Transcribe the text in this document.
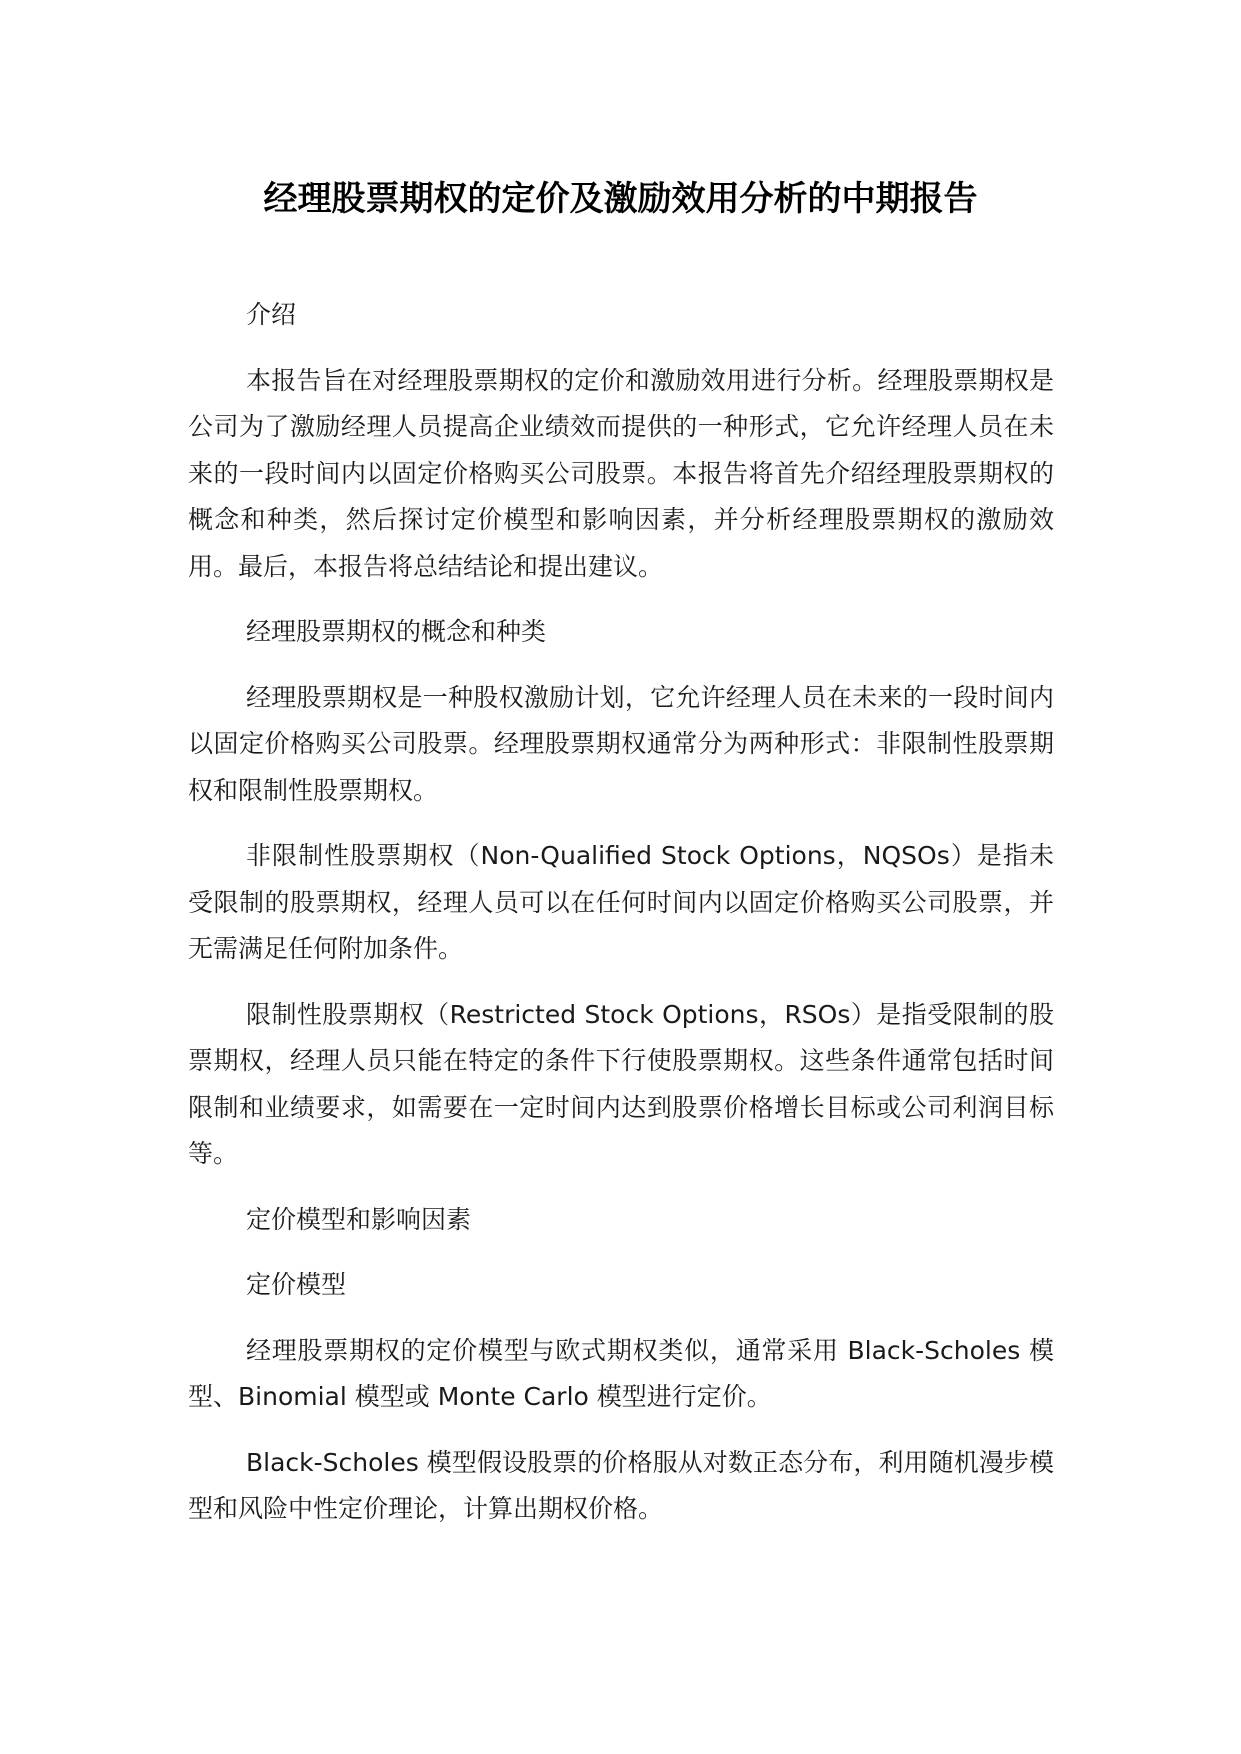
经理股票期权的定价及激励效用分析的中期报告

介绍

本报告旨在对经理股票期权的定价和激励效用进行分析。经理股票期权是公司为了激励经理人员提高企业绩效而提供的一种形式，它允许经理人员在未来的一段时间内以固定价格购买公司股票。本报告将首先介绍经理股票期权的概念和种类，然后探讨定价模型和影响因素，并分析经理股票期权的激励效用。最后，本报告将总结结论和提出建议。

经理股票期权的概念和种类

经理股票期权是一种股权激励计划，它允许经理人员在未来的一段时间内以固定价格购买公司股票。经理股票期权通常分为两种形式：非限制性股票期权和限制性股票期权。

非限制性股票期权（Non-Qualified Stock Options，NQSOs）是指未受限制的股票期权，经理人员可以在任何时间内以固定价格购买公司股票，并无需满足任何附加条件。

限制性股票期权（Restricted Stock Options，RSOs）是指受限制的股票期权，经理人员只能在特定的条件下行使股票期权。这些条件通常包括时间限制和业绩要求，如需要在一定时间内达到股票价格增长目标或公司利润目标等。

定价模型和影响因素

定价模型

经理股票期权的定价模型与欧式期权类似，通常采用 Black-Scholes 模型、Binomial 模型或 Monte Carlo 模型进行定价。

Black-Scholes 模型假设股票的价格服从对数正态分布，利用随机漫步模型和风险中性定价理论，计算出期权价格。
